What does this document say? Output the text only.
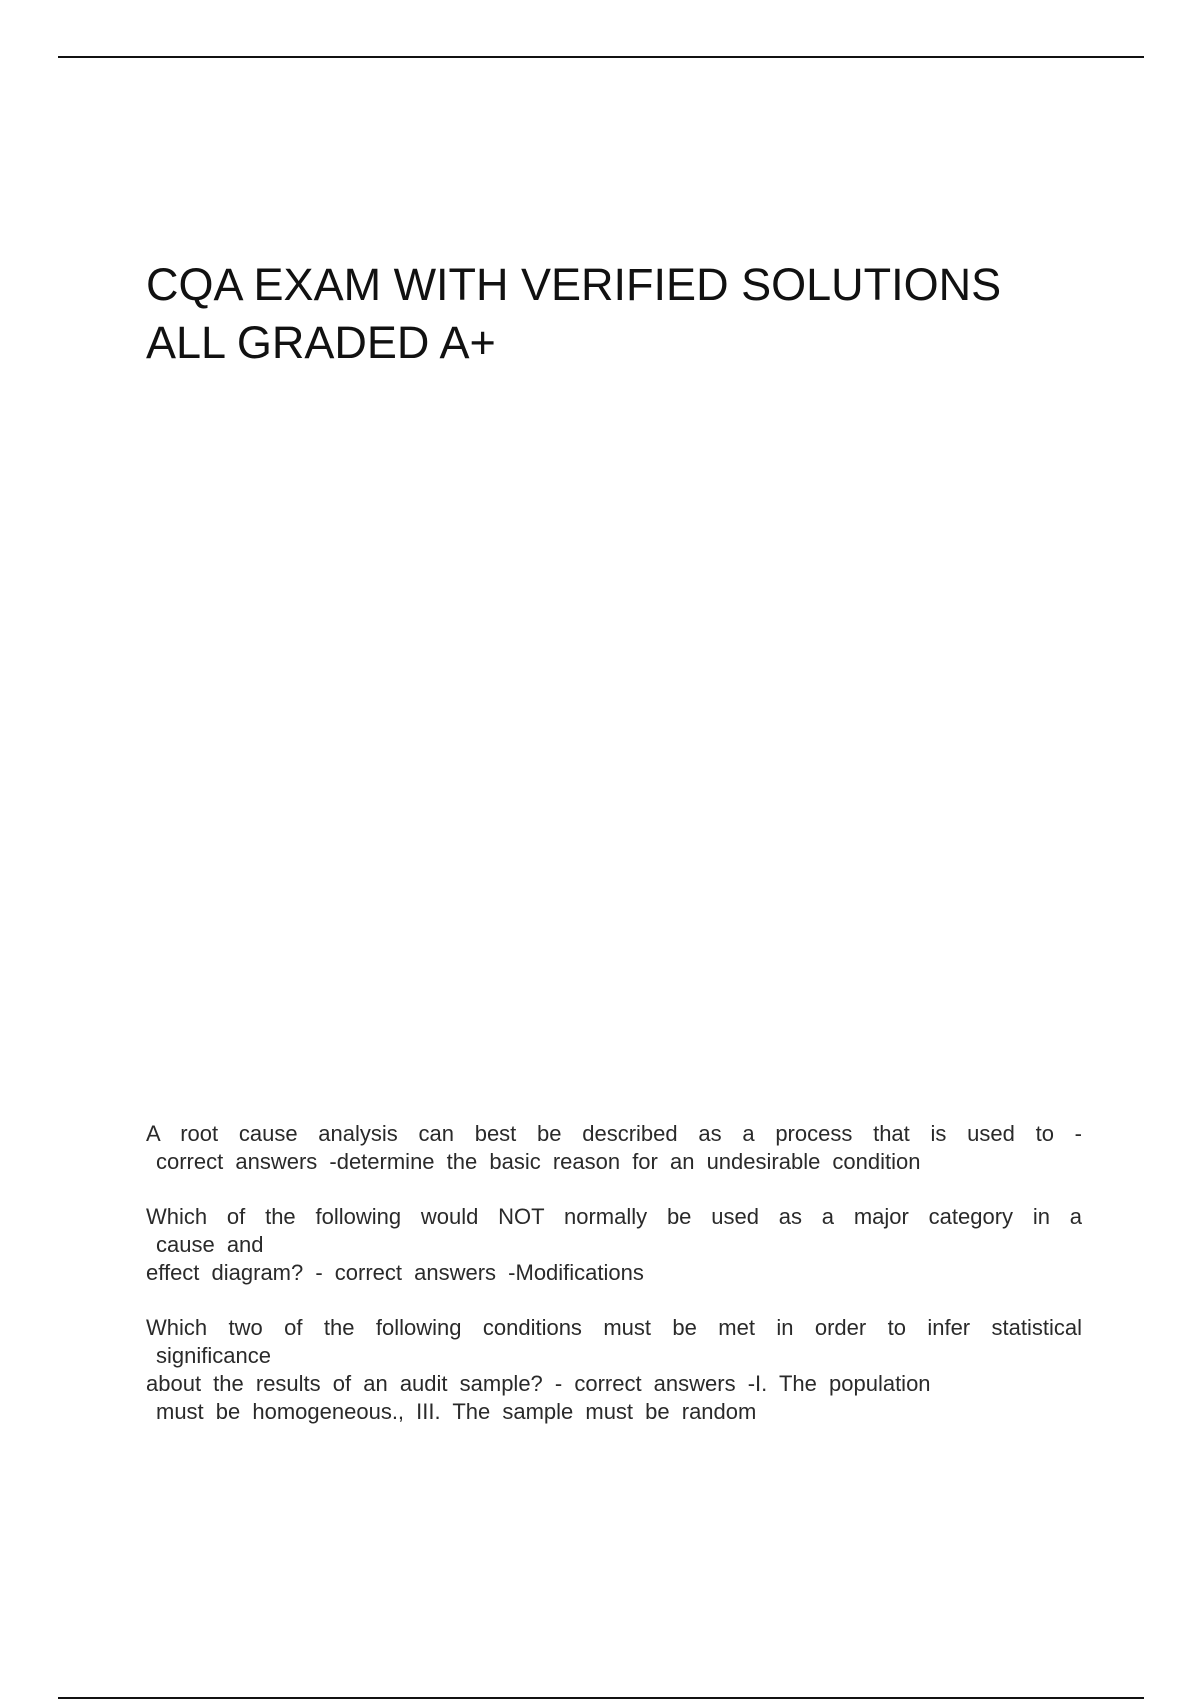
CQA EXAM WITH VERIFIED SOLUTIONS
ALL GRADED A+
A root cause analysis can best be described as a process that is used to -
correct answers -determine the basic reason for an undesirable condition
Which of the following would NOT normally be used as a major category in a
cause and
effect diagram? - correct answers -Modifications
Which two of the following conditions must be met in order to infer statistical
significance
about the results of an audit sample? - correct answers -I. The population
must be homogeneous., III. The sample must be random
